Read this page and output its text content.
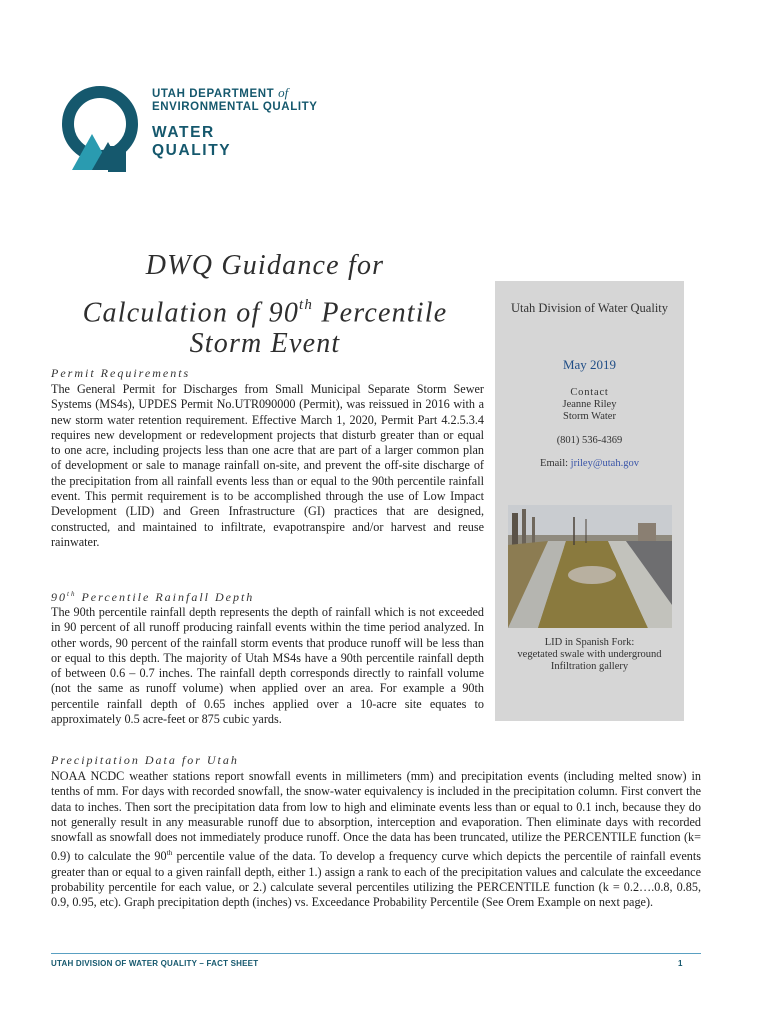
UTAH DEPARTMENT of
ENVIRONMENTAL QUALITY
WATER
QUALITY
DWQ Guidance for
Calculation of 90th Percentile
Storm Event
Utah Division of Water Quality
May 2019
Contact
Jeanne Riley
Storm Water
(801) 536-4369
Email: jriley@utah.gov
LID in Spanish Fork:
vegetated swale with underground
Infiltration gallery
Permit Requirements
The General Permit for Discharges from Small Municipal Separate Storm Sewer Systems (MS4s), UPDES Permit No.UTR090000 (Permit), was reissued in 2016 with a new storm water retention requirement. Effective March 1, 2020, Permit Part 4.2.5.3.4 requires new development or redevelopment projects that disturb greater than or equal to one acre, including projects less than one acre that are part of a larger common plan of development or sale to manage rainfall on-site, and prevent the off-site discharge of the precipitation from all rainfall events less than or equal to the 90th percentile rainfall event. This permit requirement is to be accomplished through the use of Low Impact Development (LID) and Green Infrastructure (GI) practices that are designed, constructed, and maintained to infiltrate, evapotranspire and/or harvest and reuse rainwater.
90th Percentile Rainfall Depth
The 90th percentile rainfall depth represents the depth of rainfall which is not exceeded in 90 percent of all runoff producing rainfall events within the time period analyzed. In other words, 90 percent of the rainfall storm events that produce runoff will be less than or equal to this depth. The majority of Utah MS4s have a 90th percentile rainfall depth of between 0.6 – 0.7 inches. The rainfall depth corresponds directly to rainfall volume (not the same as runoff volume) when applied over an area. For example a 90th percentile rainfall depth of 0.65 inches applied over a 10-acre site equates to approximately 0.5 acre-feet or 875 cubic yards.
Precipitation Data for Utah
NOAA NCDC weather stations report snowfall events in millimeters (mm) and precipitation events (including melted snow) in tenths of mm. For days with recorded snowfall, the snow-water equivalency is included in the precipitation column. First convert the data to inches. Then sort the precipitation data from low to high and eliminate events less than or equal to 0.1 inch, because they do not generally result in any measurable runoff due to absorption, interception and evaporation. Then eliminate days with recorded snowfall as snowfall does not immediately produce runoff. Once the data has been truncated, utilize the PERCENTILE function (k= 0.9) to calculate the 90th percentile value of the data. To develop a frequency curve which depicts the percentile of rainfall events greater than or equal to a given rainfall depth, either 1.) assign a rank to each of the precipitation values and calculate the exceedance probability percentile for each value, or 2.) calculate several percentiles utilizing the PERCENTILE function (k = 0.2….0.8, 0.85, 0.9, 0.95, etc). Graph precipitation depth (inches) vs. Exceedance Probability Percentile (See Orem Example on next page).
UTAH DIVISION OF WATER QUALITY – FACT SHEET	1
